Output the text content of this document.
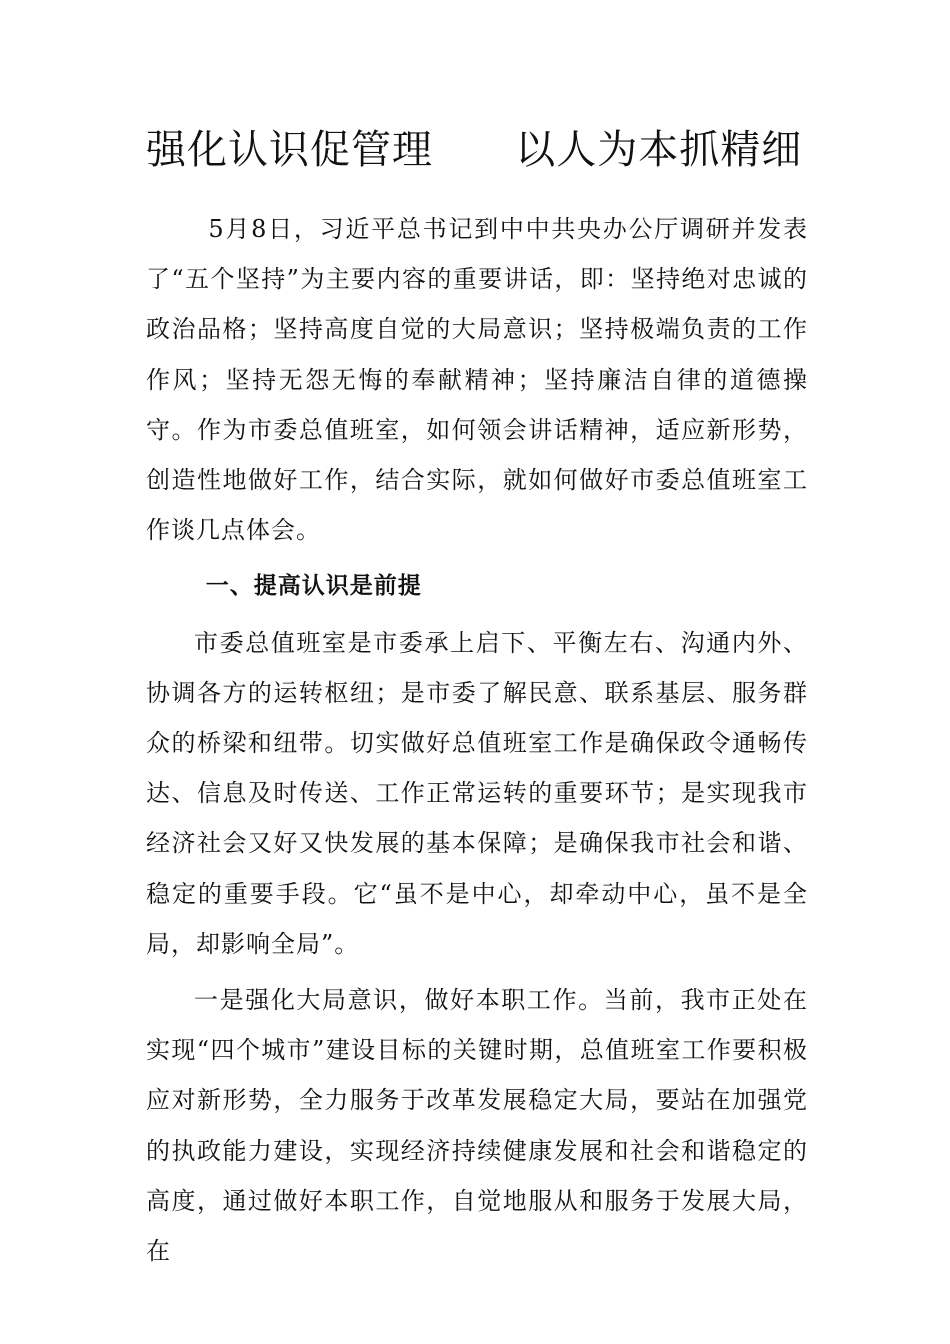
强化认识促管理      以人为本抓精细

5月8日，习近平总书记到中中共央办公厅调研并发表了“五个坚持”为主要内容的重要讲话，即：坚持绝对忠诚的政治品格；坚持高度自觉的大局意识；坚持极端负责的工作作风；坚持无怨无悔的奉献精神；坚持廉洁自律的道德操守。作为市委总值班室，如何领会讲话精神，适应新形势，创造性地做好工作，结合实际，就如何做好市委总值班室工作谈几点体会。

一、提高认识是前提

市委总值班室是市委承上启下、平衡左右、沟通内外、协调各方的运转枢纽；是市委了解民意、联系基层、服务群众的桥梁和纽带。切实做好总值班室工作是确保政令通畅传达、信息及时传送、工作正常运转的重要环节；是实现我市经济社会又好又快发展的基本保障；是确保我市社会和谐、稳定的重要手段。它“虽不是中心，却牵动中心，虽不是全局，却影响全局”。

一是强化大局意识，做好本职工作。当前，我市正处在实现“四个城市”建设目标的关键时期，总值班室工作要积极应对新形势，全力服务于改革发展稳定大局，要站在加强党的执政能力建设，实现经济持续健康发展和社会和谐稳定的高度，通过做好本职工作，自觉地服从和服务于发展大局，在
